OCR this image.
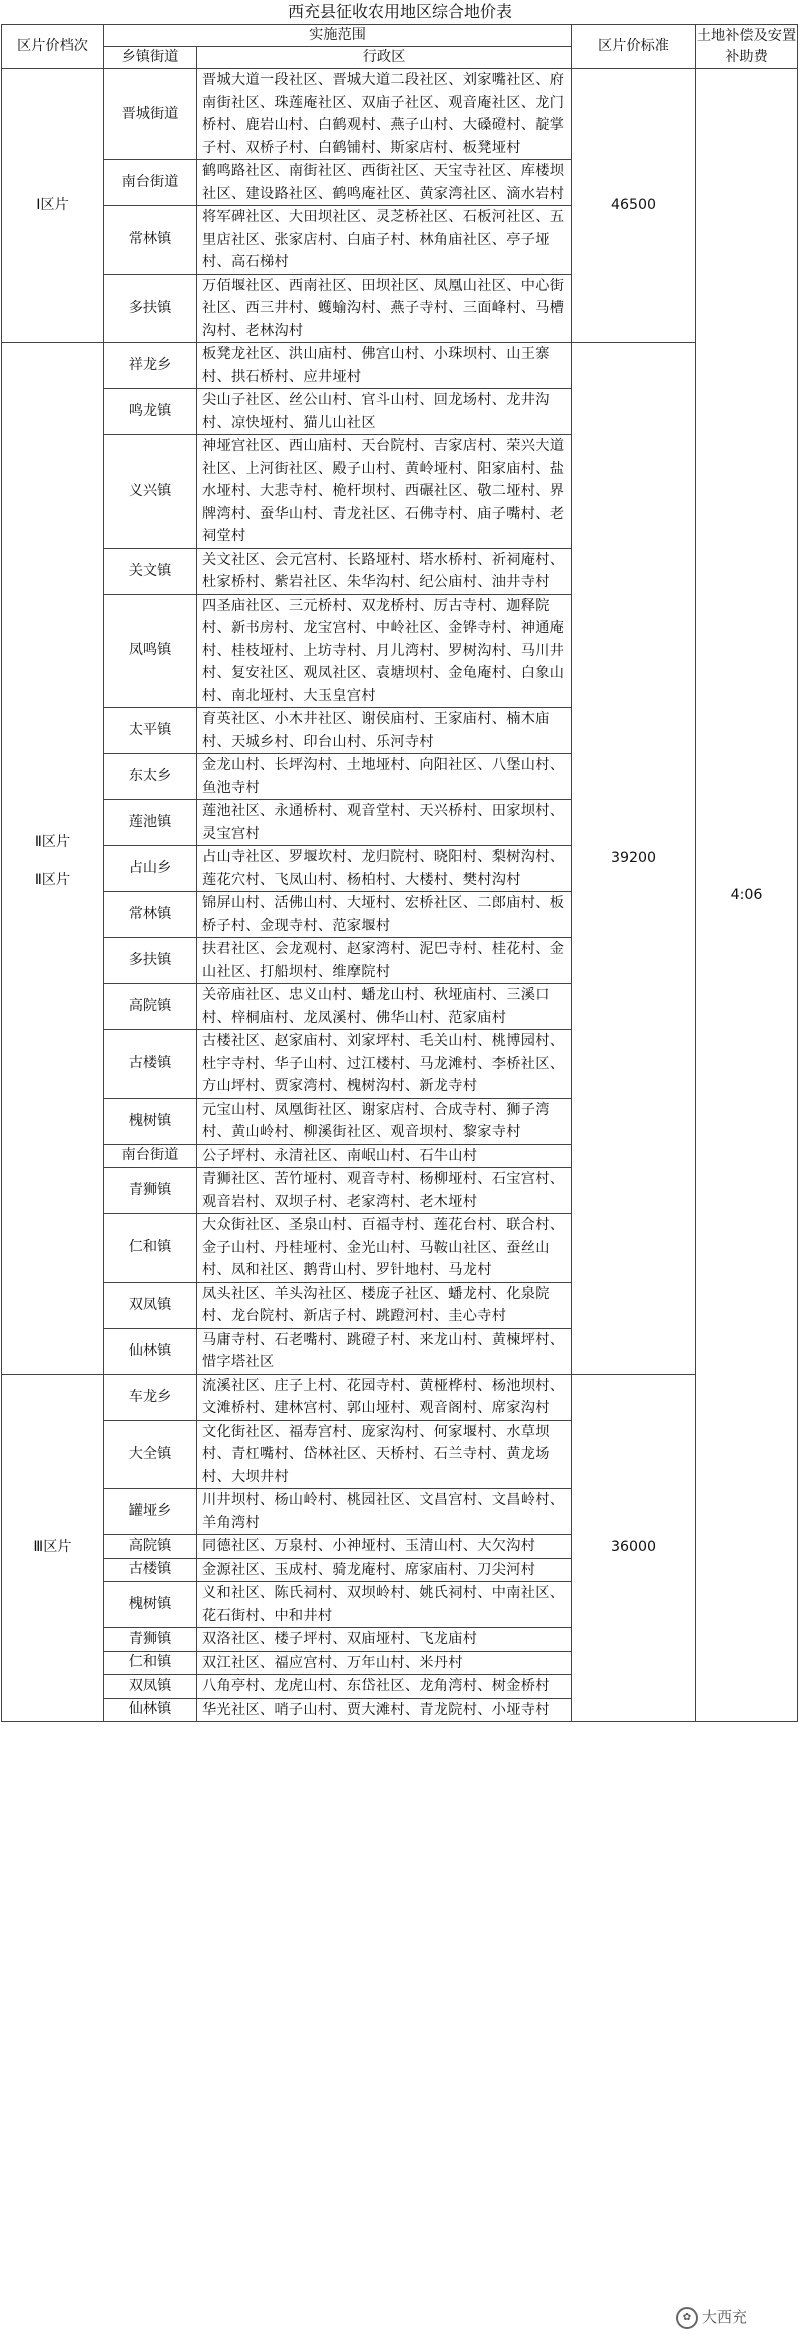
西充县征收农用地区综合地价表
区片价档次	实施范围		区片价标准	土地补偿及安置补助费
	乡镇街道	行政区		

Ⅰ区片	晋城街道	晋城大道一段社区、晋城大道二段社区、刘家嘴社区、府南街社区、珠莲庵社区、双庙子社区、观音庵社区、龙门桥村、鹿岩山村、白鹤观村、燕子山村、大磉磴村、靛掌子村、双桥子村、白鹤铺村、斯家店村、板凳垭村	46500	4:06
	南台街道	鹤鸣路社区、南街社区、西街社区、天宝寺社区、库楼坝社区、建设路社区、鹤鸣庵社区、黄家湾社区、滴水岩村		
	常林镇	将军碑社区、大田坝社区、灵芝桥社区、石板河社区、五里店社区、张家店村、白庙子村、林角庙社区、亭子垭村、高石梯村		
	多扶镇	万佰堰社区、西南社区、田坝社区、凤凰山社区、中心街社区、西三井村、蠖蝓沟村、燕子寺村、三面峰村、马槽沟村、老林沟村		

Ⅱ区片
Ⅱ区片	祥龙乡	板凳龙社区、洪山庙村、佛宫山村、小珠坝村、山王寨村、拱石桥村、应井垭村	39200	
	鸣龙镇	尖山子社区、丝公山村、官斗山村、回龙场村、龙井沟村、凉快垭村、猫儿山社区		
	义兴镇	神垭宫社区、西山庙村、天台院村、吉家店村、荣兴大道社区、上河街社区、殿子山村、黄岭垭村、阳家庙村、盐水垭村、大悲寺村、桅杆坝村、西碾社区、敬二垭村、界牌湾村、蚕华山村、青龙社区、石佛寺村、庙子嘴村、老祠堂村		
	关文镇	关文社区、会元宫村、长路垭村、塔水桥村、祈祠庵村、杜家桥村、紫岩社区、朱华沟村、纪公庙村、油井寺村		
	凤鸣镇	四圣庙社区、三元桥村、双龙桥村、厉古寺村、迦释院村、新书房村、龙宝宫村、中岭社区、金铧寺村、神通庵村、桂枝垭村、上坊寺村、月儿湾村、罗树沟村、马川井村、复安社区、观凤社区、袁塘坝村、金龟庵村、白象山村、南北垭村、大玉皇宫村		
	太平镇	育英社区、小木井社区、谢侯庙村、王家庙村、楠木庙村、天城乡村、印台山村、乐河寺村		
	东太乡	金龙山村、长坪沟村、土地垭村、向阳社区、八堡山村、鱼池寺村		
	莲池镇	莲池社区、永通桥村、观音堂村、天兴桥村、田家坝村、灵宝宫村		
	占山乡	占山寺社区、罗堰坎村、龙归院村、晓阳村、梨树沟村、莲花穴村、飞凤山村、杨柏村、大楼村、樊村沟村		
	常林镇	锦屏山村、活佛山村、大垭村、宏桥社区、二郎庙村、板桥子村、金现寺村、范家堰村		
	多扶镇	扶君社区、会龙观村、赵家湾村、泥巴寺村、桂花村、金山社区、打船坝村、维摩院村		
	高院镇	关帝庙社区、忠义山村、蟠龙山村、秋垭庙村、三溪口村、梓桐庙村、龙凤溪村、佛华山村、范家庙村		
	古楼镇	古楼社区、赵家庙村、刘家坪村、毛关山村、桃博园村、杜宇寺村、华子山村、过江楼村、马龙滩村、李桥社区、方山坪村、贾家湾村、槐树沟村、新龙寺村		
	槐树镇	元宝山村、凤凰街社区、谢家店村、合成寺村、狮子湾村、黄山岭村、柳溪街社区、观音坝村、黎家寺村		
	南台街道	公子坪村、永清社区、南岷山村、石牛山村		
	青狮镇	青狮社区、苦竹垭村、观音寺村、杨柳垭村、石宝宫村、观音岩村、双坝子村、老家湾村、老木垭村		
	仁和镇	大众街社区、圣泉山村、百福寺村、莲花台村、联合村、金子山村、丹桂垭村、金光山村、马鞍山社区、蚕丝山村、凤和社区、鹅背山村、罗针地村、马龙村		
	双凤镇	凤头社区、羊头沟社区、楼庞子社区、蟠龙村、化泉院村、龙台院村、新店子村、跳蹬河村、圭心寺村		
	仙林镇	马庸寺村、石老嘴村、跳磴子村、来龙山村、黄楝坪村、惜字塔社区		

Ⅲ区片	车龙乡	流溪社区、庄子上村、花园寺村、黄桠桦村、杨池坝村、文滩桥村、建林宫村、郭山垭村、观音阁村、席家沟村	36000	
	大全镇	文化街社区、福寿宫村、庞家沟村、何家堰村、水草坝村、青杠嘴村、岱林社区、天桥村、石兰寺村、黄龙场村、大坝井村		
	罐垭乡	川井坝村、杨山岭村、桃园社区、文昌宫村、文昌岭村、羊角湾村		
	高院镇	同德社区、万泉村、小神垭村、玉清山村、大欠沟村		
	古楼镇	金源社区、玉成村、骑龙庵村、席家庙村、刀尖河村		
	槐树镇	义和社区、陈氏祠村、双坝岭村、姚氏祠村、中南社区、花石街村、中和井村		
	青狮镇	双洛社区、楼子坪村、双庙垭村、飞龙庙村		
	仁和镇	双江社区、福应宫村、万年山村、米丹村		
	双凤镇	八角亭村、龙虎山村、东岱社区、龙角湾村、树金桥村		
	仙林镇	华光社区、哨子山村、贾大滩村、青龙院村、小垭寺村		
✿ 大西充
